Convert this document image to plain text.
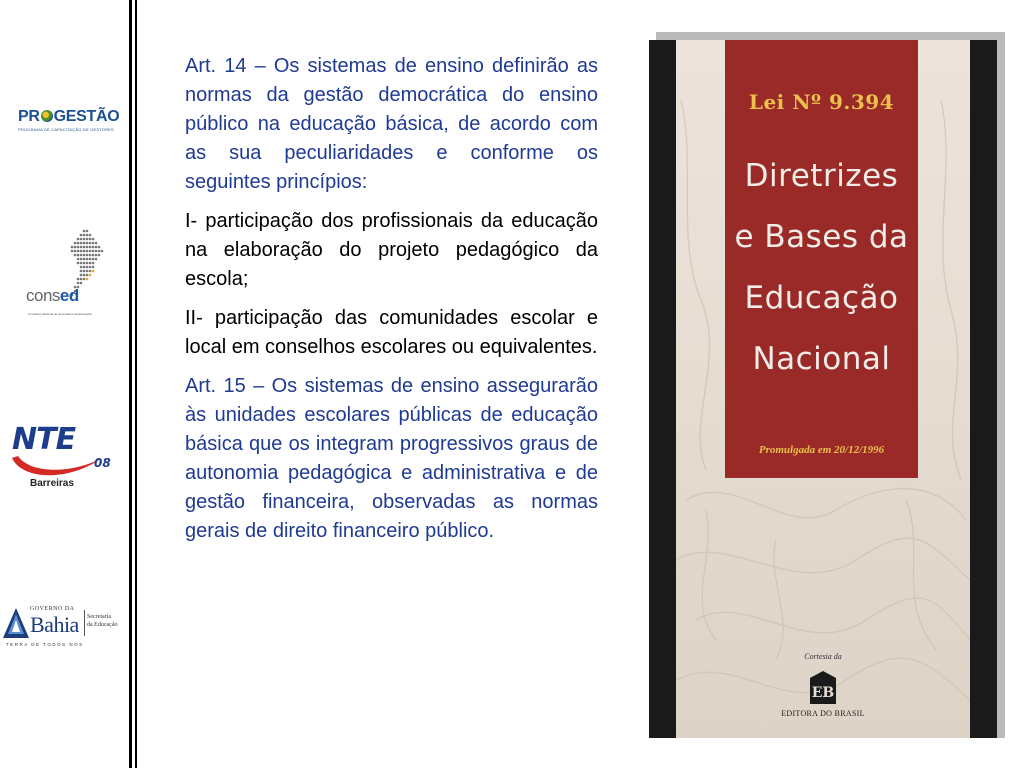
PR GESTÃO
PROGRAMA DE CAPACITAÇÃO DE GESTORES
consed
Conselho Nacional de Secretários de Educação
NTE
08
Barreiras
GOVERNO DA
Bahia Secretaria
da Educação
TERRA DE TODOS NÓS

Art. 14 – Os sistemas de ensino definirão as normas da gestão democrática do ensino público na educação básica, de acordo com as sua peculiaridades e conforme os seguintes princípios:

I- participação dos profissionais da educação na elaboração do projeto pedagógico da escola;

II- participação das comunidades escolar e local em conselhos escolares ou equivalentes.

Art. 15 – Os sistemas de ensino assegurarão às unidades escolares públicas de educação básica que os integram progressivos graus de autonomia pedagógica e administrativa e de gestão financeira, observadas as normas gerais de direito financeiro público.

Lei Nº 9.394
Diretrizes
e Bases da
Educação
Nacional
Promulgada em 20/12/1996
Cortesia da
EB
EDITORA DO BRASIL
